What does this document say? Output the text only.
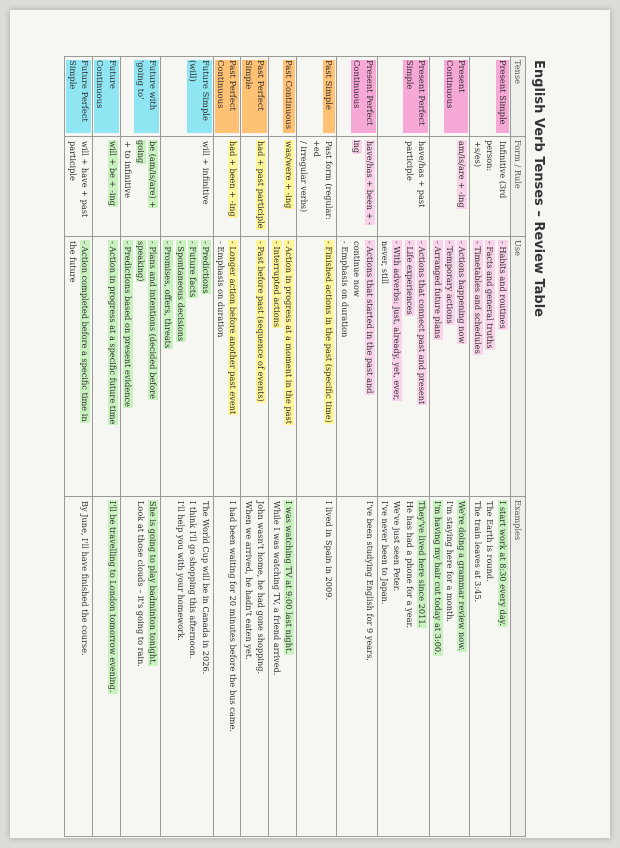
English Verb Tenses – Review Table
Tense	Form / Rule	Use	Examples

Present Simple	Infinitive (3rd person:
+s/es)	- Habits and routines
- Facts and general truths
- Timetables and schedules	I start work at 8:30 every day.
The Earth is round.
The train leaves at 3:45.

Present Continuous	am/is/are + -ing	- Actions happening now
- Temporary actions
- Arranged future plans	We're doing a grammar review now.
I'm staying here for a month.
I'm having my hair cut today at 3:00.

Present Perfect Simple	have/has + past
participle	- Actions that connect past and present
- Life experiences
- With adverbs: just, already, yet, ever,
never, still	They've lived here since 2011.
He has had a phone for a year.
We've just seen Peter.
I've never been to Japan.

Present Perfect Continuous	have/has + been + -ing	- Actions that started in the past and
continue now
- Emphasis on duration	I've been studying English for 9 years.

Past Simple	Past form (regular: +ed
/ irregular verbs)	- Finished actions in the past (specific time)	I lived in Spain in 2009.

Past Continuous	was/were + -ing	- Action in progress at a moment in the past
- Interrupted actions	I was watching TV at 9:00 last night.
While I was watching TV, a friend arrived.

Past Perfect Simple	had + past participle	- Past before past (sequence of events)	John wasn't home, he had gone shopping.
When we arrived, he hadn't eaten yet.

Past Perfect Continuous	had + been + -ing	- Longer action before another past event
- Emphasis on duration	I had been waiting for 20 minutes before the bus came.

Future Simple (will)	will + infinitive	- Predictions
- Future facts
- Spontaneous decisions
- Promises, offers, threats	The World Cup will be in Canada in 2026.
I think I'll go shopping this afternoon.
I'll help you with your homework.

Future with 'going to'	be (am/is/are) + going
+ to infinitive	- Plans and intentions (decided before
speaking)
- Predictions based on present evidence	She is going to play badminton tonight.
Look at those clouds – it's going to rain.

Future Continuous	will + be + -ing	- Action in progress at a specific future time	I'll be travelling to London tomorrow evening.

Future Perfect Simple	will + have + past
participle	- Action completed before a specific time in
the future	By June, I'll have finished the course.
